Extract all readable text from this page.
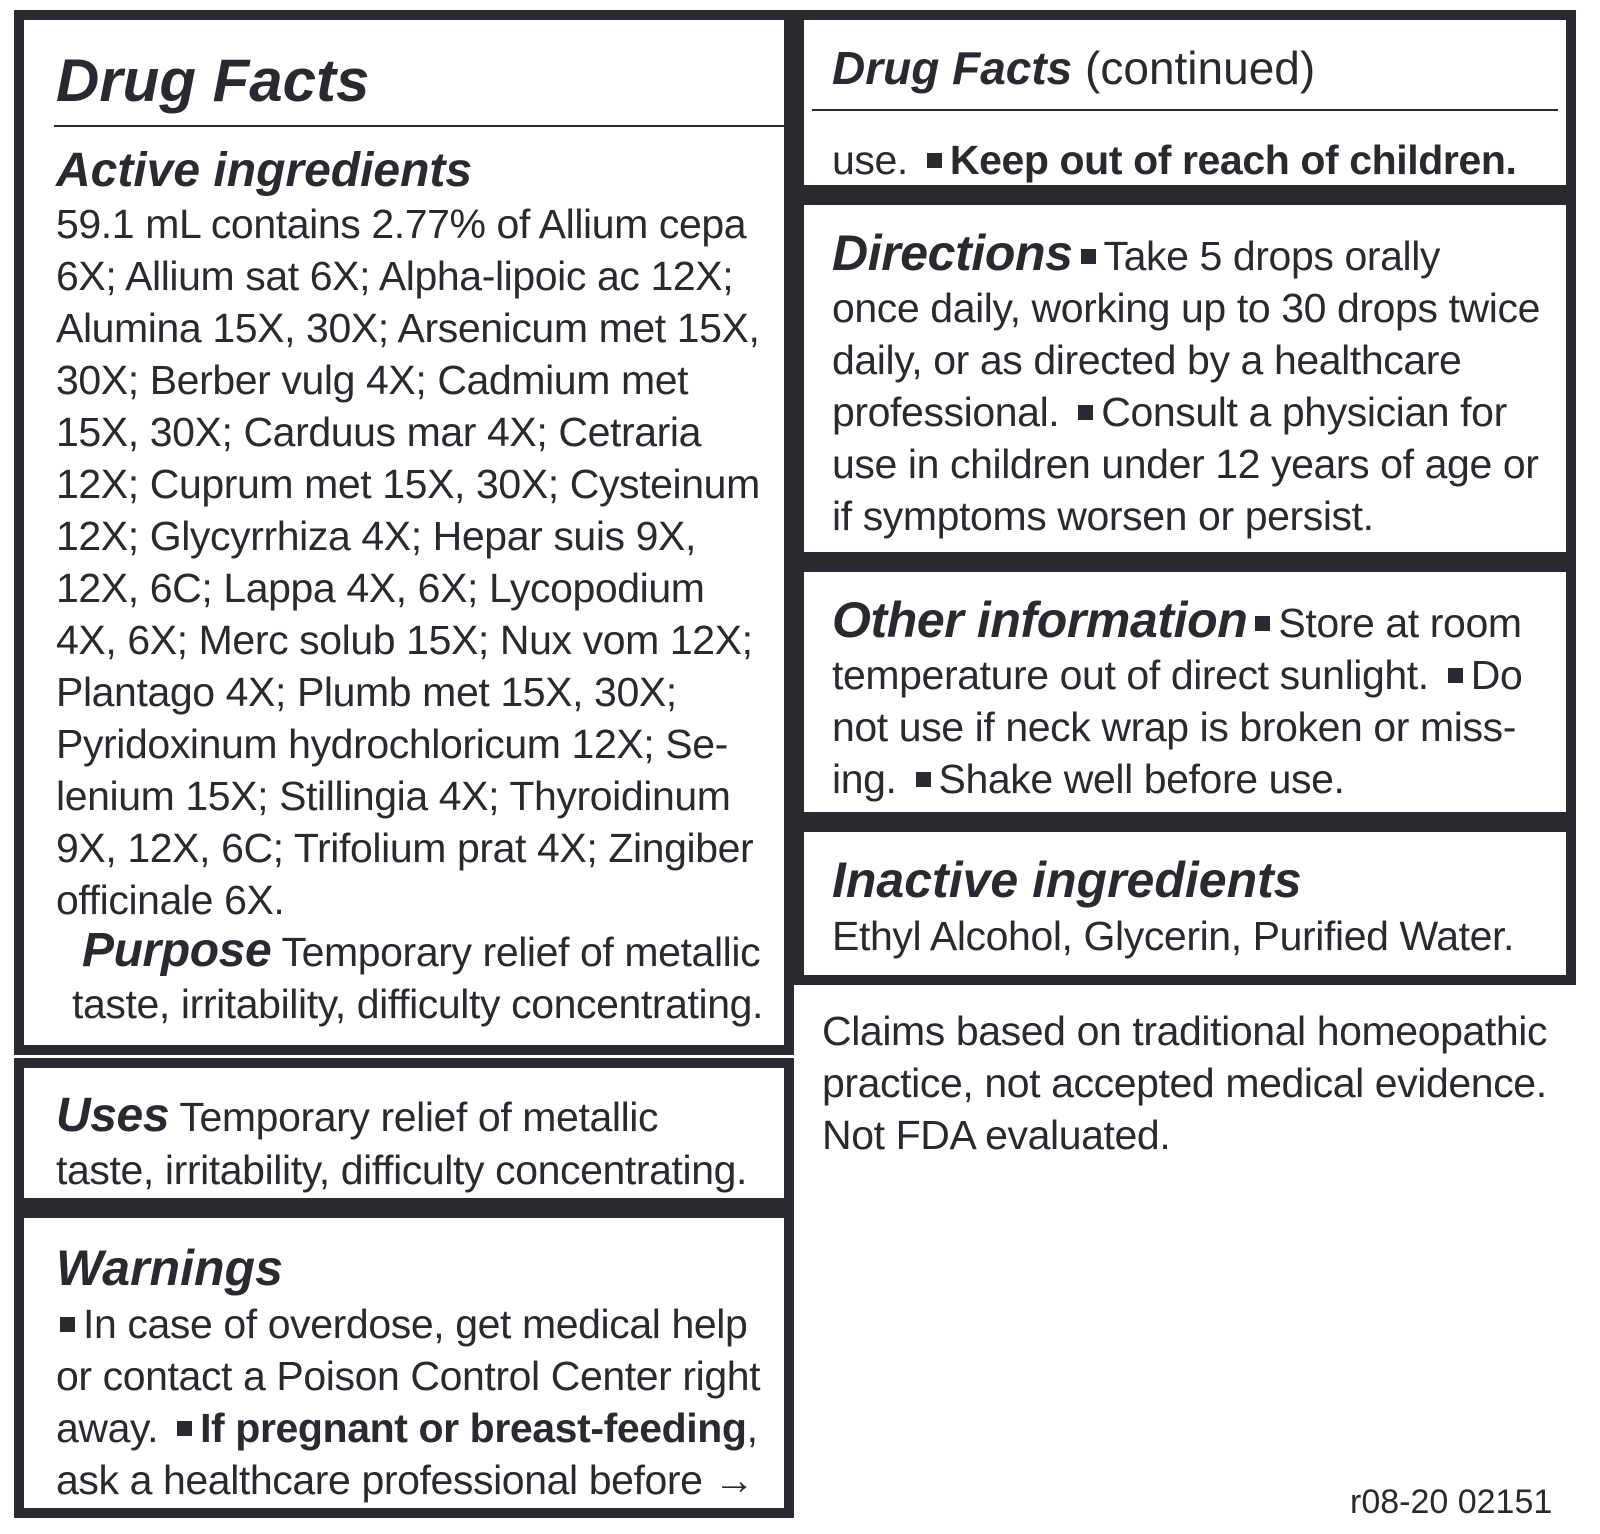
Drug Facts
Active ingredients
59.1 mL contains 2.77% of Allium cepa
6X; Allium sat 6X; Alpha-lipoic ac 12X;
Alumina 15X, 30X; Arsenicum met 15X,
30X; Berber vulg 4X; Cadmium met
15X, 30X; Carduus mar 4X; Cetraria
12X; Cuprum met 15X, 30X; Cysteinum
12X; Glycyrrhiza 4X; Hepar suis 9X,
12X, 6C; Lappa 4X, 6X; Lycopodium
4X, 6X; Merc solub 15X; Nux vom 12X;
Plantago 4X; Plumb met 15X, 30X;
Pyridoxinum hydrochloricum 12X; Se-
lenium 15X; Stillingia 4X; Thyroidinum
9X, 12X, 6C; Trifolium prat 4X; Zingiber
officinale 6X.
Purpose Temporary relief of metallic
taste, irritability, difficulty concentrating.
Uses Temporary relief of metallic
taste, irritability, difficulty concentrating.
Warnings
In case of overdose, get medical help
or contact a Poison Control Center right
away. If pregnant or breast-feeding,
ask a healthcare professional before →
Drug Facts (continued)
use. Keep out of reach of children.
Directions Take 5 drops orally
once daily, working up to 30 drops twice
daily, or as directed by a healthcare
professional. Consult a physician for
use in children under 12 years of age or
if symptoms worsen or persist.
Other information Store at room
temperature out of direct sunlight. Do
not use if neck wrap is broken or miss-
ing. Shake well before use.
Inactive ingredients
Ethyl Alcohol, Glycerin, Purified Water.
Claims based on traditional homeopathic
practice, not accepted medical evidence.
Not FDA evaluated.
r08-20 02151
